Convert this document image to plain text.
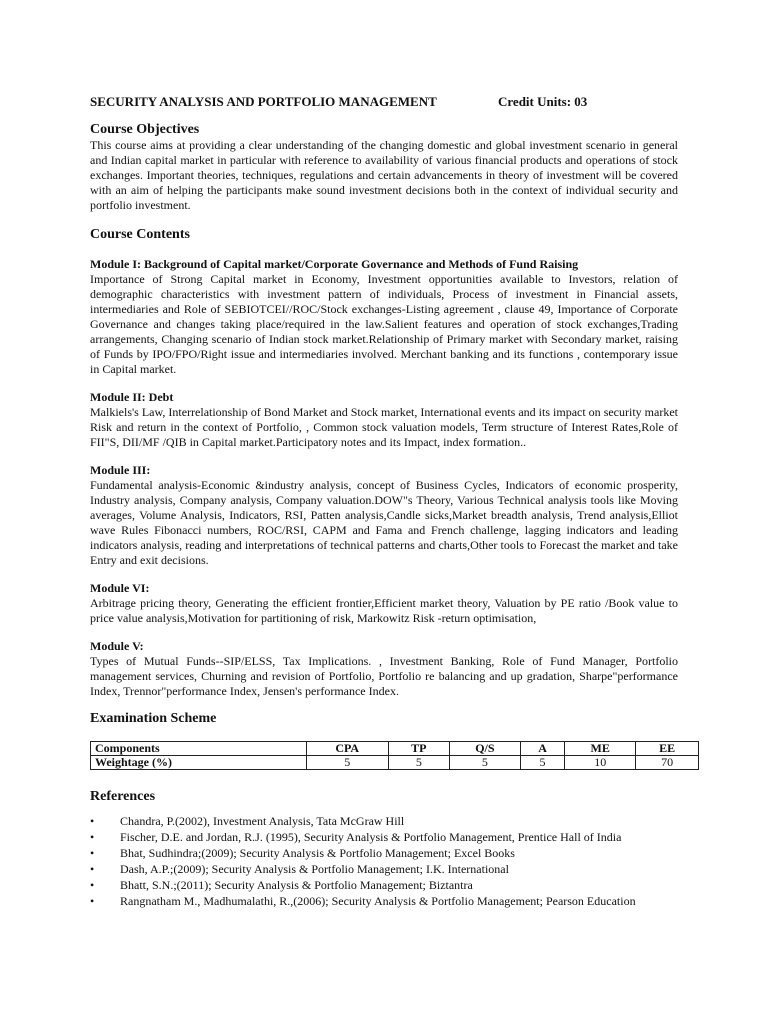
SECURITY ANALYSIS AND PORTFOLIO MANAGEMENT	Credit Units: 03
Course Objectives

This course aims at providing a clear understanding of the changing domestic and global investment scenario in general and Indian capital market in particular with reference to availability of various financial products and operations of stock exchanges. Important theories, techniques, regulations and certain advancements in theory of investment will be covered with an aim of helping the participants make sound investment decisions both in the context of individual security and portfolio investment.

Course Contents
Module I: Background of Capital market/Corporate Governance and Methods of Fund Raising

Importance of Strong Capital market in Economy, Investment opportunities available to Investors, relation of demographic characteristics with investment pattern of individuals, Process of investment in Financial assets, intermediaries and Role of SEBIOTCEI//ROC/Stock exchanges-Listing agreement , clause 49, Importance of Corporate Governance and changes taking place/required in the law.Salient features and operation of stock exchanges,Trading arrangements, Changing scenario of Indian stock market.Relationship of Primary market with Secondary market, raising of Funds by IPO/FPO/Right issue and intermediaries involved. Merchant banking and its functions , contemporary issue in Capital market.

Module II: Debt

Malkiels's Law, Interrelationship of Bond Market and Stock market, International events and its impact on security market Risk and return in the context of Portfolio, , Common stock valuation models, Term structure of Interest Rates,Role of FII"S, DII/MF /QIB in Capital market.Participatory notes and its Impact, index formation..

Module III:

Fundamental analysis-Economic &industry analysis, concept of Business Cycles, Indicators of economic prosperity, Industry analysis, Company analysis, Company valuation.DOW"s Theory, Various Technical analysis tools like Moving averages, Volume Analysis, Indicators, RSI, Patten analysis,Candle sicks,Market breadth analysis, Trend analysis,Elliot wave Rules Fibonacci numbers, ROC/RSI, CAPM and Fama and French challenge, lagging indicators and leading indicators analysis, reading and interpretations of technical patterns and charts,Other tools to Forecast the market and take Entry and exit decisions.

Module VI:

Arbitrage pricing theory, Generating the efficient frontier,Efficient market theory, Valuation by PE ratio /Book value to price value analysis,Motivation for partitioning of risk, Markowitz Risk -return optimisation,

Module V:

Types of Mutual Funds--SIP/ELSS, Tax Implications. , Investment Banking, Role of Fund Manager, Portfolio management services, Churning and revision of Portfolio, Portfolio re balancing and up gradation, Sharpe"performance Index, Trennor"performance Index, Jensen's performance Index.

Examination Scheme
Components	CPA	TP	Q/S	A	ME	EE
Weightage (%)	5	5	5	5	10	70
References
• Chandra, P.(2002), Investment Analysis, Tata McGraw Hill
• Fischer, D.E. and Jordan, R.J. (1995), Security Analysis & Portfolio Management, Prentice Hall of India
• Bhat, Sudhindra;(2009); Security Analysis & Portfolio Management; Excel Books
• Dash, A.P.;(2009); Security Analysis & Portfolio Management; I.K. International
• Bhatt, S.N.;(2011); Security Analysis & Portfolio Management; Biztantra
• Rangnatham M., Madhumalathi, R.,(2006); Security Analysis & Portfolio Management; Pearson Education
